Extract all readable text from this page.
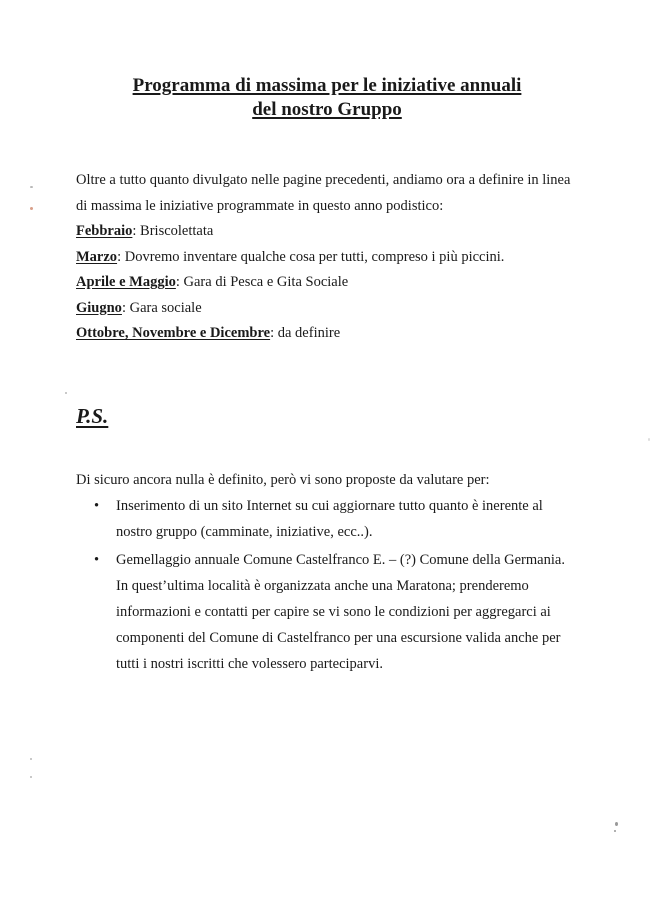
Programma di massima per le iniziative annuali
del nostro Gruppo
Oltre a tutto quanto divulgato nelle pagine precedenti, andiamo ora a definire in linea
di massima le iniziative programmate in questo anno podistico:
Febbraio: Briscolettata
Marzo: Dovremo inventare qualche cosa per tutti, compreso i più piccini.
Aprile e Maggio: Gara di Pesca e Gita Sociale
Giugno: Gara sociale
Ottobre, Novembre e Dicembre: da definire
P.S.
Di sicuro ancora nulla è definito, però vi sono proposte da valutare per:
• Inserimento di un sito Internet su cui aggiornare tutto quanto è inerente al
nostro gruppo (camminate, iniziative, ecc..).
• Gemellaggio annuale Comune Castelfranco E. – (?) Comune della Germania.
In quest’ultima località è organizzata anche una Maratona; prenderemo
informazioni e contatti per capire se vi sono le condizioni per aggregarci ai
componenti del Comune di Castelfranco per una escursione valida anche per
tutti i nostri iscritti che volessero parteciparvi.
